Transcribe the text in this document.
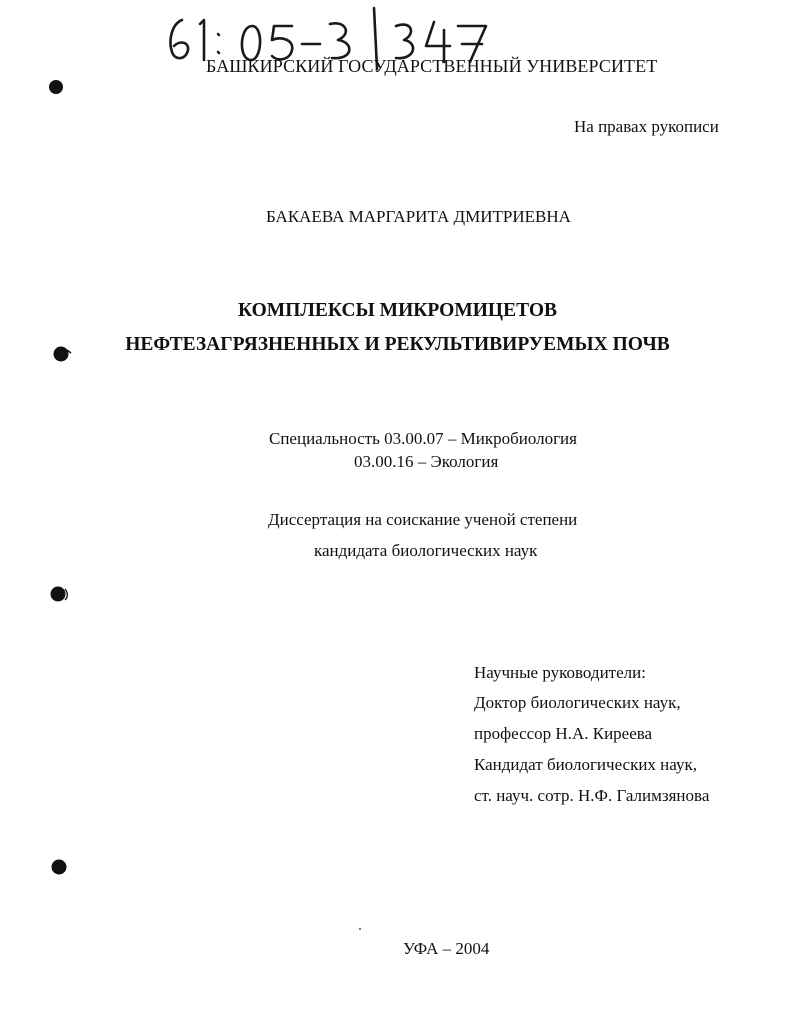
БАШКИРСКИЙ ГОСУДАРСТВЕННЫЙ УНИВЕРСИТЕТ
На правах рукописи
БАКАЕВА МАРГАРИТА ДМИТРИЕВНА
КОМПЛЕКСЫ МИКРОМИЦЕТОВ
НЕФТЕЗАГРЯЗНЕННЫХ И РЕКУЛЬТИВИРУЕМЫХ ПОЧВ
Специальность 03.00.07 – Микробиология
03.00.16 – Экология
Диссертация на соискание ученой степени
кандидата биологических наук
Научные руководители:
Доктор биологических наук,
профессор Н.А. Киреева
Кандидат биологических наук,
ст. науч. сотр. Н.Ф. Галимзянова
УФА – 2004
